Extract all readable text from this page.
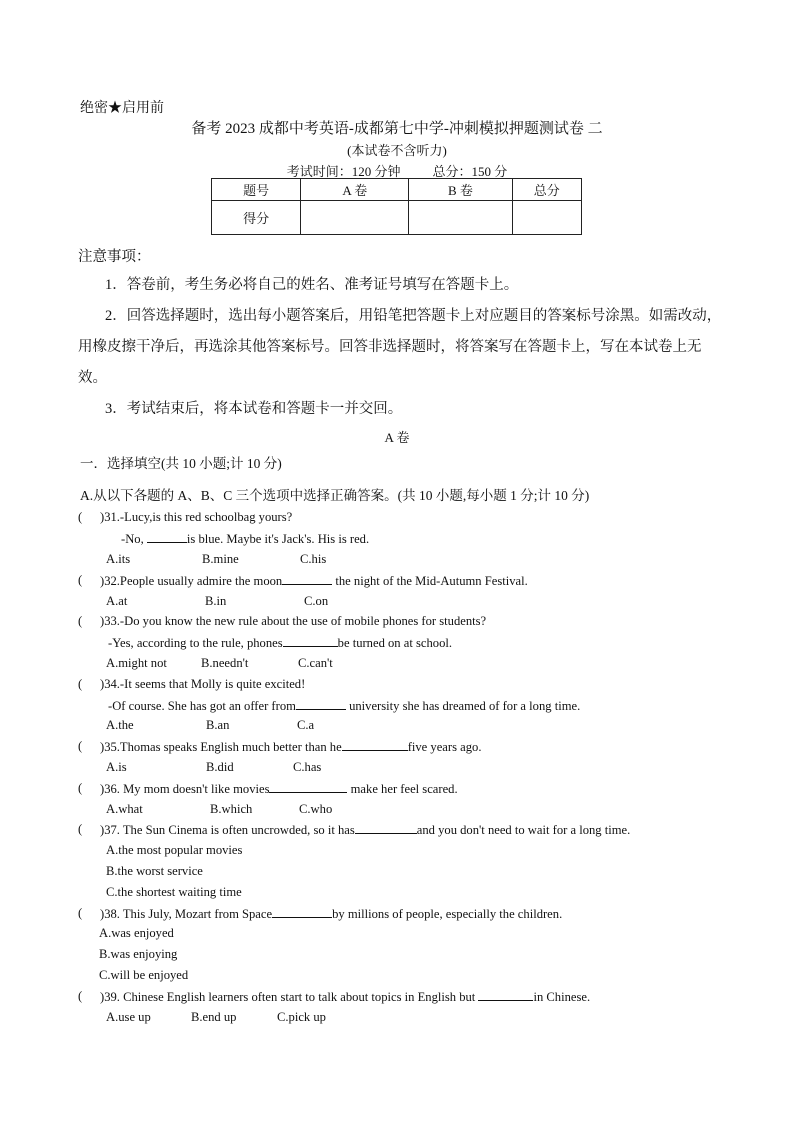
绝密★启用前
备考 2023 成都中考英语-成都第七中学-冲刺模拟押题测试卷 二
(本试卷不含听力)
考试时间：120 分钟 总分：150 分
题号	A 卷	B 卷	总分
得分			
注意事项：
1．答卷前，考生务必将自己的姓名、准考证号填写在答题卡上。
2．回答选择题时，选出每小题答案后，用铅笔把答题卡上对应题目的答案标号涂黑。如需改动，用橡皮擦干净后，再选涂其他答案标号。回答非选择题时，将答案写在答题卡上，写在本试卷上无效。
3．考试结束后，将本试卷和答题卡一并交回。
A 卷
一．选择填空(共 10 小题;计 10 分)
A.从以下各题的 A、B、C 三个选项中选择正确答案。(共 10 小题,每小题 1 分;计 10 分)
( )31.-Lucy,is this red schoolbag yours?
-No,	is blue. Maybe it's Jack's. His is red.
A.its	B.mine	C.his
( )32.People usually admire the moon	the night of the Mid-Autumn Festival.
A.at	B.in	C.on
( )33.-Do you know the new rule about the use of mobile phones for students?
-Yes, according to the rule, phones	be turned on at school.
A.might not	B.needn't	C.can't
( )34.-It seems that Molly is quite excited!
-Of course. She has got an offer from	university she has dreamed of for a long time.
A.the	B.an	C.a
( )35.Thomas speaks English much better than he	five years ago.
A.is	B.did	C.has
( )36. My mom doesn't like movies	make her feel scared.
A.what	B.which	C.who
( )37. The Sun Cinema is often uncrowded, so it has	and you don't need to wait for a long time.
A.the most popular movies
B.the worst service
C.the shortest waiting time
( )38. This July, Mozart from Space	by millions of people, especially the children.
A.was enjoyed
B.was enjoying
C.will be enjoyed
( )39. Chinese English learners often start to talk about topics in English but	in Chinese.
A.use up	B.end up	C.pick up
